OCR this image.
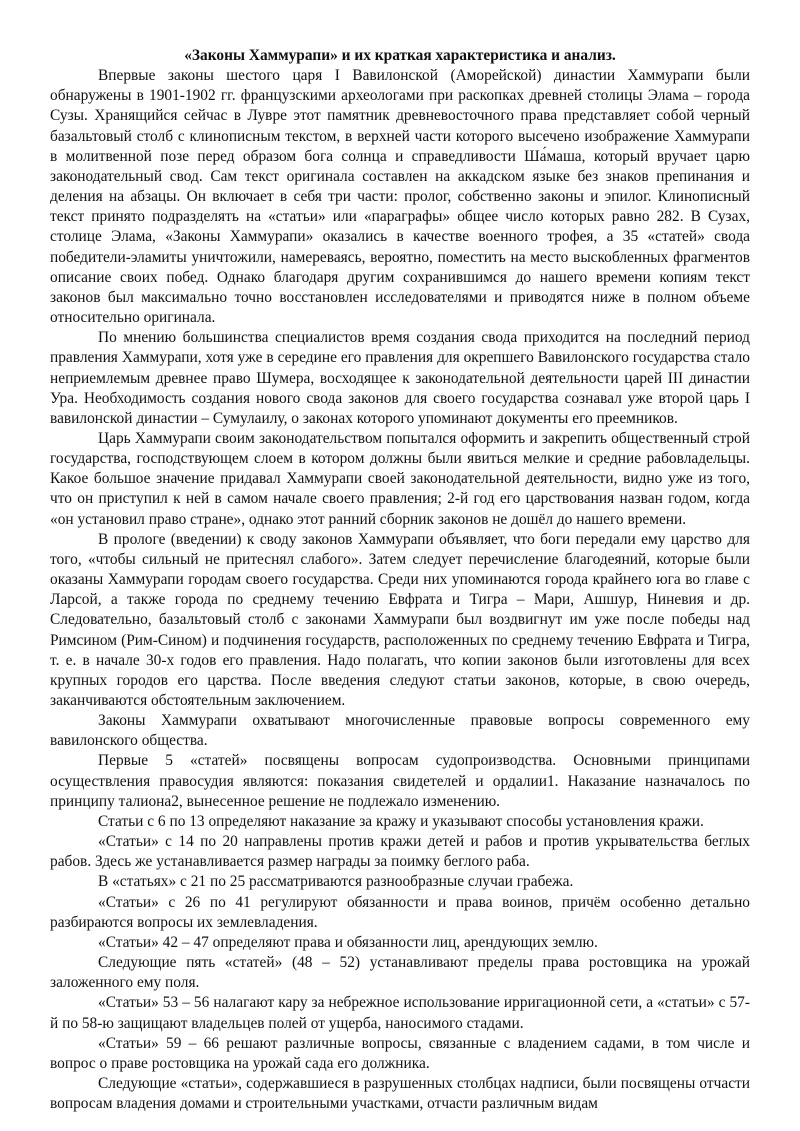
«Законы Хаммурапи» и их краткая характеристика и анализ.

Впервые законы шестого царя I Вавилонской (Аморейской) династии Хаммурапи были обнаружены в 1901-1902 гг. французскими археологами при раскопках древней столицы Элама – города Сузы. Хранящийся сейчас в Лувре этот памятник древневосточного права представляет собой черный базальтовый столб с клинописным текстом, в верхней части которого высечено изображение Хаммурапи в молитвенной позе перед образом бога солнца и справедливости Ша́маша, который вручает царю законодательный свод. Сам текст оригинала составлен на аккадском языке без знаков препинания и деления на абзацы. Он включает в себя три части: пролог, собственно законы и эпилог. Клинописный текст принято подразделять на «статьи» или «параграфы» общее число которых равно 282. В Сузах, столице Элама, «Законы Хаммурапи» оказались в качестве военного трофея, а 35 «статей» свода победители-эламиты уничтожили, намереваясь, вероятно, поместить на место выскобленных фрагментов описание своих побед. Однако благодаря другим сохранившимся до нашего времени копиям текст законов был максимально точно восстановлен исследователями и приводятся ниже в полном объеме относительно оригинала.

По мнению большинства специалистов время создания свода приходится на последний период правления Хаммурапи, хотя уже в середине его правления для окрепшего Вавилонского государства стало неприемлемым древнее право Шумера, восходящее к законодательной деятельности царей III династии Ура. Необходимость создания нового свода законов для своего государства сознавал уже второй царь I вавилонской династии – Сумулаилу, о законах которого упоминают документы его преемников.

Царь Хаммурапи своим законодательством попытался оформить и закрепить общественный строй государства, господствующем слоем в котором должны были явиться мелкие и средние рабовладельцы. Какое большое значение придавал Хаммурапи своей законодательной деятельности, видно уже из того, что он приступил к ней в самом начале своего правления; 2-й год его царствования назван годом, когда «он установил право стране», однако этот ранний сборник законов не дошёл до нашего времени.

В прологе (введении) к своду законов Хаммурапи объявляет, что боги передали ему царство для того, «чтобы сильный не притеснял слабого». Затем следует перечисление благодеяний, которые были оказаны Хаммурапи городам своего государства. Среди них упоминаются города крайнего юга во главе с Ларсой, а также города по среднему течению Евфрата и Тигра – Мари, Ашшур, Ниневия и др. Следовательно, базальтовый столб с законами Хаммурапи был воздвигнут им уже после победы над Римсином (Рим-Сином) и подчинения государств, расположенных по среднему течению Евфрата и Тигра, т. е. в начале 30-х годов его правления. Надо полагать, что копии законов были изготовлены для всех крупных городов его царства. После введения следуют статьи законов, которые, в свою очередь, заканчиваются обстоятельным заключением.

Законы Хаммурапи охватывают многочисленные правовые вопросы современного ему вавилонского общества.

Первые 5 «статей» посвящены вопросам судопроизводства. Основными принципами осуществления правосудия являются: показания свидетелей и ордалии1. Наказание назначалось по принципу талиона2, вынесенное решение не подлежало изменению.

Статьи с 6 по 13 определяют наказание за кражу и указывают способы установления кражи.

«Статьи» с 14 по 20 направлены против кражи детей и рабов и против укрывательства беглых рабов. Здесь же устанавливается размер награды за поимку беглого раба.

В «статьях» с 21 по 25 рассматриваются разнообразные случаи грабежа.

«Статьи» с 26 по 41 регулируют обязанности и права воинов, причём особенно детально разбираются вопросы их землевладения.

«Статьи» 42 – 47 определяют права и обязанности лиц, арендующих землю.

Следующие пять «статей» (48 – 52) устанавливают пределы права ростовщика на урожай заложенного ему поля.

«Статьи» 53 – 56 налагают кару за небрежное использование ирригационной сети, а «статьи» с 57-й по 58-ю защищают владельцев полей от ущерба, наносимого стадами.

«Статьи» 59 – 66 решают различные вопросы, связанные с владением садами, в том числе и вопрос о праве ростовщика на урожай сада его должника.

Следующие «статьи», содержавшиеся в разрушенных столбцах надписи, были посвящены отчасти вопросам владения домами и строительными участками, отчасти различным видам
